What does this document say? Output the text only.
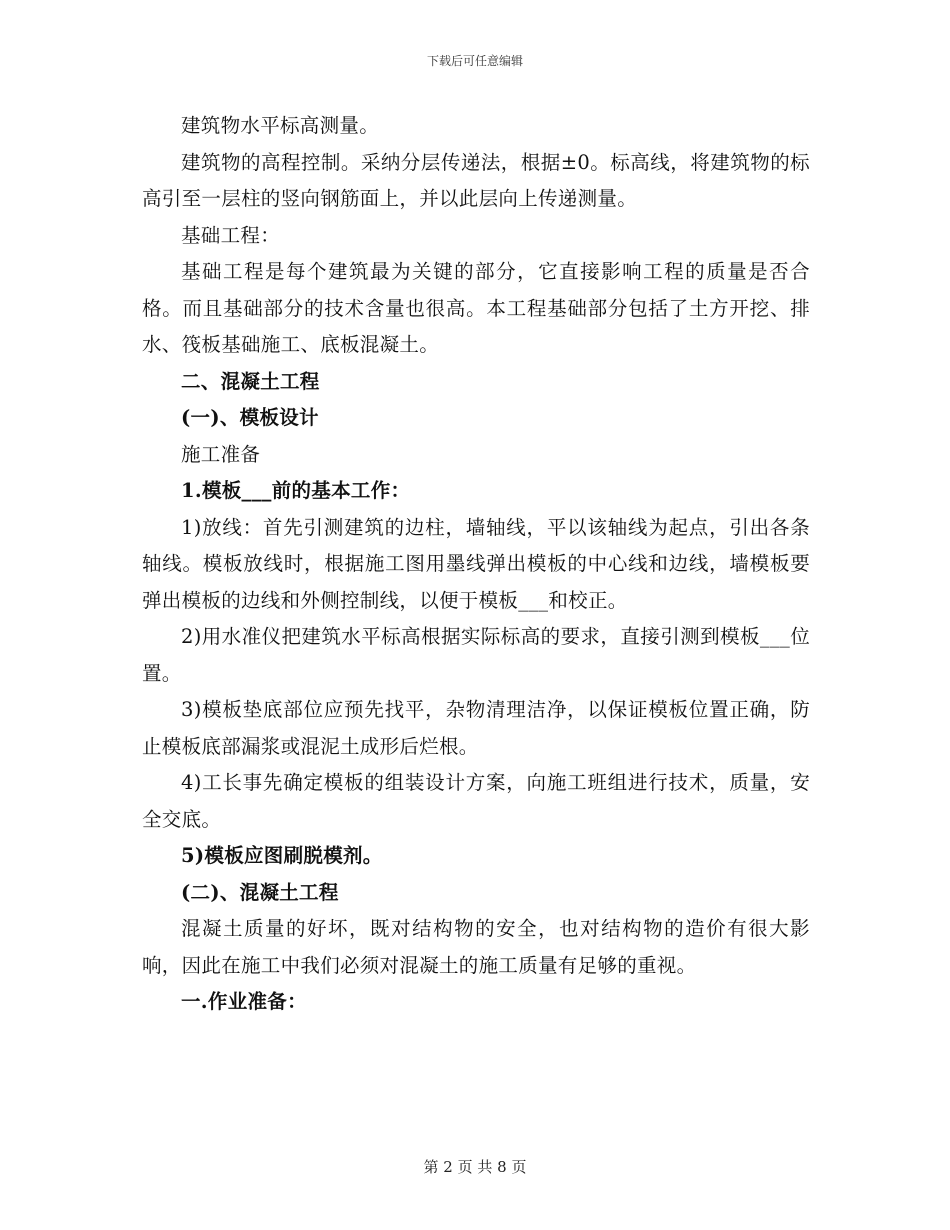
下载后可任意编辑

建筑物水平标高测量。

建筑物的高程控制。采纳分层传递法，根据±0。标高线，将建筑物的标高引至一层柱的竖向钢筋面上，并以此层向上传递测量。

基础工程：

基础工程是每个建筑最为关键的部分，它直接影响工程的质量是否合格。而且基础部分的技术含量也很高。本工程基础部分包括了土方开挖、排水、筏板基础施工、底板混凝土。

二、混凝土工程

(一)、模板设计

施工准备

1.模板___前的基本工作：

1)放线：首先引测建筑的边柱，墙轴线，平以该轴线为起点，引出各条轴线。模板放线时，根据施工图用墨线弹出模板的中心线和边线，墙模板要弹出模板的边线和外侧控制线，以便于模板___和校正。

2)用水准仪把建筑水平标高根据实际标高的要求，直接引测到模板___位置。

3)模板垫底部位应预先找平，杂物清理洁净，以保证模板位置正确，防止模板底部漏浆或混泥土成形后烂根。

4)工长事先确定模板的组装设计方案，向施工班组进行技术，质量，安全交底。

5)模板应图刷脱模剂。

(二)、混凝土工程

混凝土质量的好坏，既对结构物的安全，也对结构物的造价有很大影响，因此在施工中我们必须对混凝土的施工质量有足够的重视。

一.作业准备：

第 2 页 共 8 页
